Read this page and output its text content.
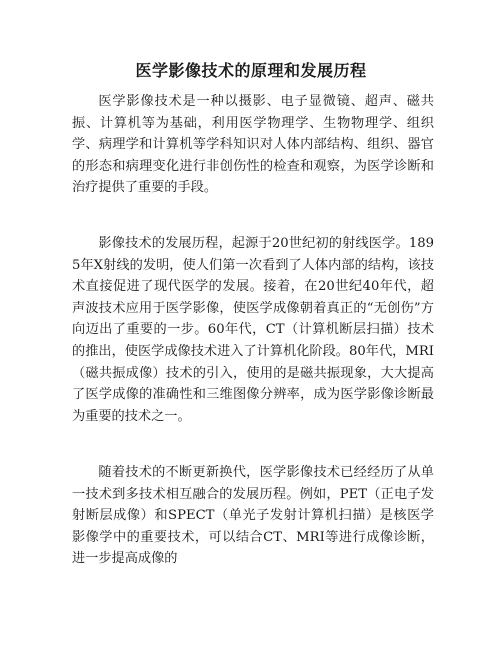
医学影像技术的原理和发展历程

医学影像技术是一种以摄影、电子显微镜、超声、磁共振、计算机等为基础，利用医学物理学、生物物理学、组织学、病理学和计算机等学科知识对人体内部结构、组织、器官的形态和病理变化进行非创伤性的检查和观察，为医学诊断和治疗提供了重要的手段。

影像技术的发展历程，起源于20世纪初的射线医学。1895年X射线的发明，使人们第一次看到了人体内部的结构，该技术直接促进了现代医学的发展。接着，在20世纪40年代，超声波技术应用于医学影像，使医学成像朝着真正的“无创伤”方向迈出了重要的一步。60年代，CT（计算机断层扫描）技术的推出，使医学成像技术进入了计算机化阶段。80年代，MRI（磁共振成像）技术的引入，使用的是磁共振现象，大大提高了医学成像的准确性和三维图像分辨率，成为医学影像诊断最为重要的技术之一。

随着技术的不断更新换代，医学影像技术已经经历了从单一技术到多技术相互融合的发展历程。例如，PET（正电子发射断层成像）和SPECT（单光子发射计算机扫描）是核医学影像学中的重要技术，可以结合CT、MRI等进行成像诊断，进一步提高成像的
